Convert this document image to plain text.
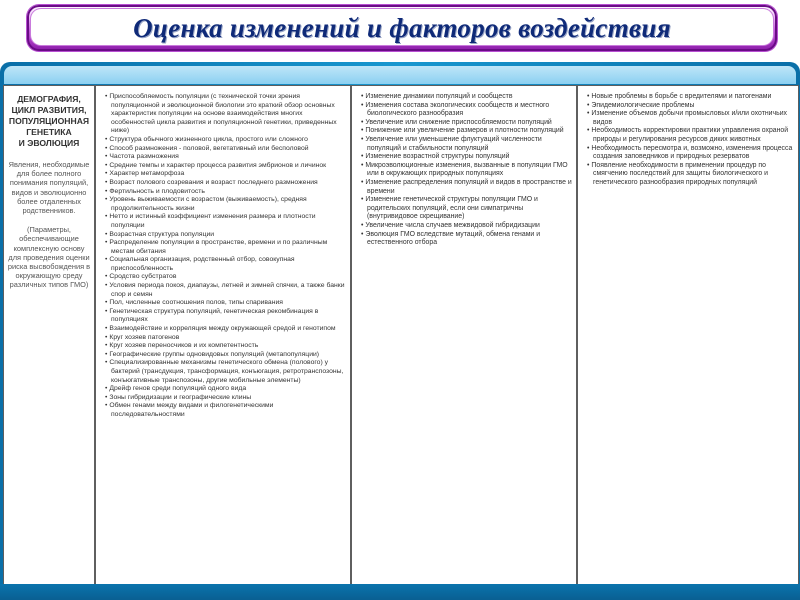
Оценка изменений и факторов воздействия
ДЕМОГРАФИЯ,
ЦИКЛ РАЗВИТИЯ,
ПОПУЛЯЦИОННАЯ
ГЕНЕТИКА
И ЭВОЛЮЦИЯ
Явления, необходимые для более полного понимания популяций, видов и эволюционно более отдаленных родственников.
(Параметры, обеспечивающие комплексную основу для проведения оценки риска высвобождения в окружающую среду различных типов ГМО)
• Приспособляемость популяции (с технической точки зрения популяционной и эволюционной биологии это краткий обзор основных характеристик популяции на основе взаимодействия многих особенностей цикла развития и популяционной генетики, приведенных ниже)
• Структура обычного жизненного цикла, простого или сложного
• Способ размножения - половой, вегетативный или бесполовой
• Частота размножения
• Средние темпы и характер процесса развития эмбрионов и личинок
• Характер метаморфоза
• Возраст полового созревания и возраст последнего размножения
• Фертильность и плодовитость
• Уровень выживаемости с возрастом (выживаемость), средняя продолжительность жизни
• Нетто и истинный коэффициент изменения размера и плотности популяции
• Возрастная структура популяции
• Распределение популяции в пространстве, времени и по различным местам обитания
• Социальная организация, родственный отбор, совокупная приспособленность
• Сродство субстратов
• Условия периода покоя, диапаузы, летней и зимней спячки, а также банки спор и семян
• Пол, численные соотношения полов, типы спаривания
• Генетическая структура популяций, генетическая рекомбинация в популяциях
• Взаимодействие и корреляция между окружающей средой и генотипом
• Круг хозяев патогенов
• Круг хозяев переносчиков и их компетентность
• Географические группы одновидовых популяций (метапопуляции)
• Специализированные механизмы генетического обмена (полового) у бактерий (трансдукция, трансформация, конъюгация, ретротранспозоны, конъюгативные транспозоны, другие мобильные элементы)
• Дрейф генов среди популяций одного вида
• Зоны гибридизации и географические клины
• Обмен генами между видами и филогенетическими последовательностями
• Изменение динамики популяций и сообществ
• Изменения состава экологических сообществ и местного биологического разнообразия
• Увеличение или снижение приспособляемости популяций
• Понижение или увеличение размеров и плотности популяций
• Увеличение или уменьшение флуктуаций численности популяций и стабильности популяций
• Изменение возрастной структуры популяций
• Микроэволюционные изменения, вызванные в популяции ГМО или в окружающих природных популяциях
• Изменение распределения популяций и видов в пространстве и времени
• Изменение генетической структуры популяции ГМО и родительских популяций, если они симпатричны (внутривидовое скрещивание)
• Увеличение числа случаев межвидовой гибридизации
• Эволюция ГМО вследствие мутаций, обмена генами и естественного отбора
• Новые проблемы в борьбе с вредителями и патогенами
• Эпидемиологические проблемы
• Изменение объемов добычи промысловых и/или охотничьих видов
• Необходимость корректировки практики управления охраной природы и регулирования ресурсов диких животных
• Необходимость пересмотра и, возможно, изменения процесса создания заповедников и природных резерватов
• Появление необходимости в применении процедур по смягчению последствий для защиты биологического и генетического разнообразия природных популяций
